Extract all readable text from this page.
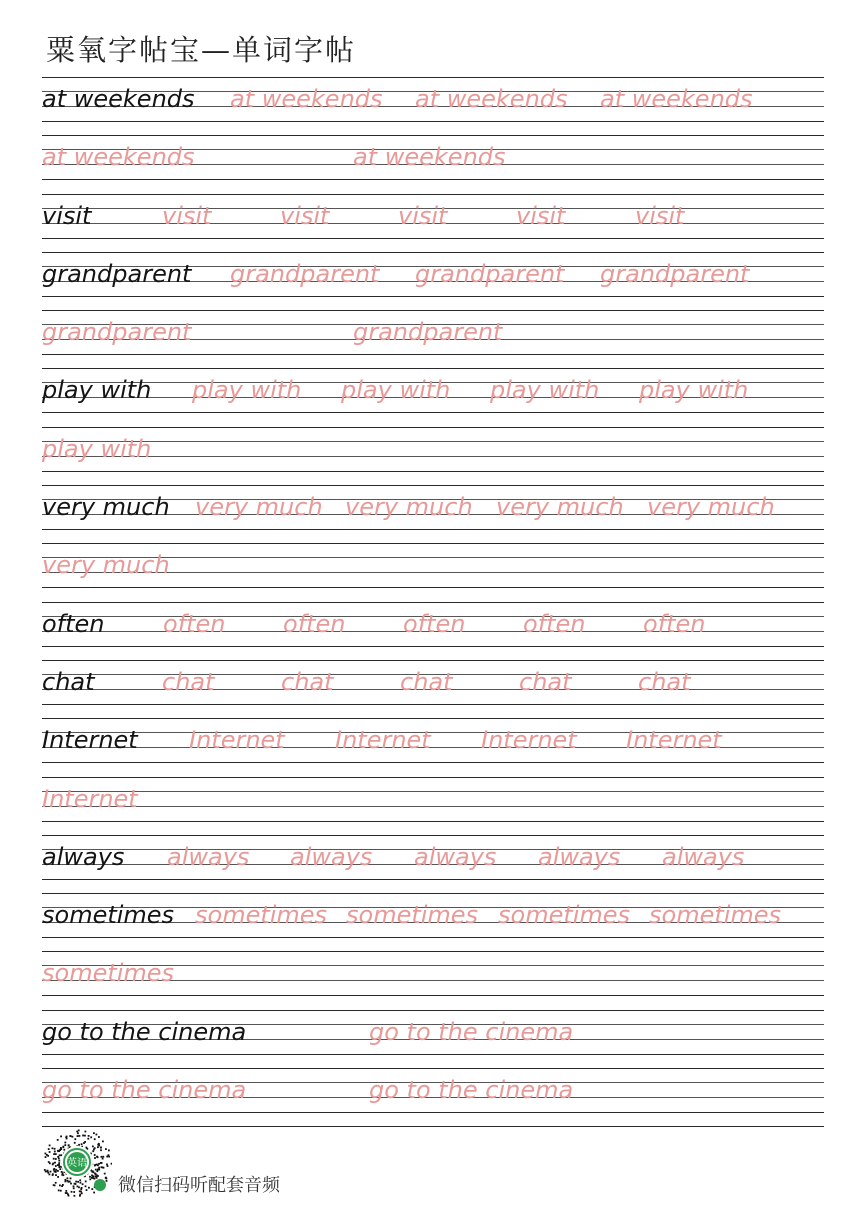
粟氧字帖宝—单词字帖
at weekends at weekends at weekends at weekends
at weekends	at weekends
visit	visit	visit	visit	visit	visit
grandparent grandparent grandparent grandparent
grandparent	grandparent
play with play with play with play with play with
play with
very much very much very much very much very much
very much
often often often often often often
chat	chat	chat	chat	chat	chat
Internet Internet Internet Internet Internet
Internet
always always always always always always
sometimes sometimes sometimes sometimes sometimes
sometimes
go to the cinema	go to the cinema
go to the cinema	go to the cinema
英语
微信扫码听配套音频
